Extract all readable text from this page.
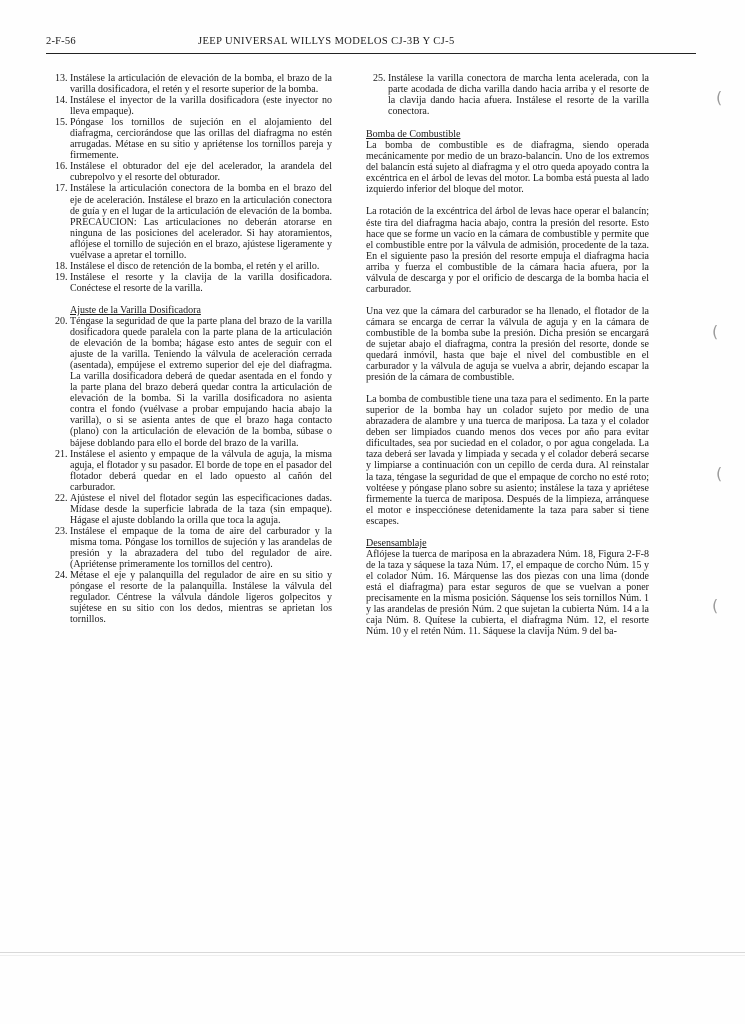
2-F-56	JEEP UNIVERSAL WILLYS MODELOS CJ-3B Y CJ-5
13. Instálese la articulación de elevación de la bomba, el brazo de la varilla dosificadora, el retén y el resorte superior de la bomba.
14. Instálese el inyector de la varilla dosificadora (este inyector no lleva empaque).
15. Póngase los tornillos de sujeción en el alojamiento del diafragma, cerciorándose que las orillas del diafragma no estén arrugadas. Métase en su sitio y apriétense los tornillos pareja y firmemente.
16. Instálese el obturador del eje del acelerador, la arandela del cubrepolvo y el resorte del obturador.
17. Instálese la articulación conectora de la bomba en el brazo del eje de aceleración. Instálese el brazo en la articulación conectora de guía y en el lugar de la articulación de elevación de la bomba. PRECAUCION: Las articulaciones no deberán atorarse en ninguna de las posiciones del acelerador. Si hay atoramientos, aflójese el tornillo de sujeción en el brazo, ajústese ligeramente y vuélvase a apretar el tornillo.
18. Instálese el disco de retención de la bomba, el retén y el arillo.
19. Instálese el resorte y la clavija de la varilla dosificadora. Conéctese el resorte de la varilla.
Ajuste de la Varilla Dosificadora
20. Téngase la seguridad de que la parte plana del brazo de la varilla dosificadora quede paralela con la parte plana de la articulación de elevación de la bomba; hágase esto antes de seguir con el ajuste de la varilla. Teniendo la válvula de aceleración cerrada (asentada), empújese el extremo superior del eje del diafragma. La varilla dosificadora deberá de quedar asentada en el fondo y la parte plana del brazo deberá quedar contra la articulación de elevación de la bomba. Si la varilla dosificadora no asienta contra el fondo (vuélvase a probar empujando hacia abajo la varilla), o si se asienta antes de que el brazo haga contacto (plano) con la articulación de elevación de la bomba, súbase o bájese doblando para ello el borde del brazo de la varilla.
21. Instálese el asiento y empaque de la válvula de aguja, la misma aguja, el flotador y su pasador. El borde de tope en el pasador del flotador deberá quedar en el lado opuesto al cañón del carburador.
22. Ajústese el nivel del flotador según las especificaciones dadas. Mídase desde la superficie labrada de la taza (sin empaque). Hágase el ajuste doblando la orilla que toca la aguja.
23. Instálese el empaque de la toma de aire del carburador y la misma toma. Póngase los tornillos de sujeción y las arandelas de presión y la abrazadera del tubo del regulador de aire. (Apriétense primeramente los tornillos del centro).
24. Métase el eje y palanquilla del regulador de aire en su sitio y póngase el resorte de la palanquilla. Instálese la válvula del regulador. Céntrese la válvula dándole ligeros golpecitos y sujétese en su sitio con los dedos, mientras se aprietan los tornillos.
25. Instálese la varilla conectora de marcha lenta acelerada, con la parte acodada de dicha varilla dando hacia arriba y el resorte de la clavija dando hacia afuera. Instálese el resorte de la varilla conectora.
Bomba de Combustible

La bomba de combustible es de diafragma, siendo operada mecánicamente por medio de un brazo-balancín. Uno de los extremos del balancín está sujeto al diafragma y el otro queda apoyado contra la excéntrica en el árbol de levas del motor. La bomba está puesta al lado izquierdo inferior del bloque del motor.

La rotación de la excéntrica del árbol de levas hace operar el balancín; éste tira del diafragma hacia abajo, contra la presión del resorte. Esto hace que se forme un vacío en la cámara de combustible y permite que el combustible entre por la válvula de admisión, procedente de la taza. En el siguiente paso la presión del resorte empuja el diafragma hacia arriba y fuerza el combustible de la cámara hacia afuera, por la válvula de descarga y por el orificio de descarga de la bomba hacia el carburador.

Una vez que la cámara del carburador se ha llenado, el flotador de la cámara se encarga de cerrar la válvula de aguja y en la cámara de combustible de la bomba sube la presión. Dicha presión se encargará de sujetar abajo el diafragma, contra la presión del resorte, donde se quedará inmóvil, hasta que baje el nivel del combustible en el carburador y la válvula de aguja se vuelva a abrir, dejando escapar la presión de la cámara de combustible.

La bomba de combustible tiene una taza para el sedimento. En la parte superior de la bomba hay un colador sujeto por medio de una abrazadera de alambre y una tuerca de mariposa. La taza y el colador deben ser limpiados cuando menos dos veces por año para evitar dificultades, sea por suciedad en el colador, o por agua congelada. La taza deberá ser lavada y limpiada y secada y el colador deberá secarse y limpiarse a continuación con un cepillo de cerda dura. Al reinstalar la taza, téngase la seguridad de que el empaque de corcho no esté roto; voltéese y póngase plano sobre su asiento; instálese la taza y apriétese firmemente la tuerca de mariposa. Después de la limpieza, arránquese el motor e inspecciónese detenidamente la taza para saber si tiene escapes.

Desensamblaje

Aflójese la tuerca de mariposa en la abrazadera Núm. 18, Figura 2-F-8 de la taza y sáquese la taza Núm. 17, el empaque de corcho Núm. 15 y el colador Núm. 16. Márquense las dos piezas con una lima (donde está el diafragma) para estar seguros de que se vuelvan a poner precisamente en la misma posición. Sáquense los seis tornillos Núm. 1 y las arandelas de presión Núm. 2 que sujetan la cubierta Núm. 14 a la caja Núm. 8. Quítese la cubierta, el diafragma Núm. 12, el resorte Núm. 10 y el retén Núm. 11. Sáquese la clavija Núm. 9 del ba-

(
(
(
(
